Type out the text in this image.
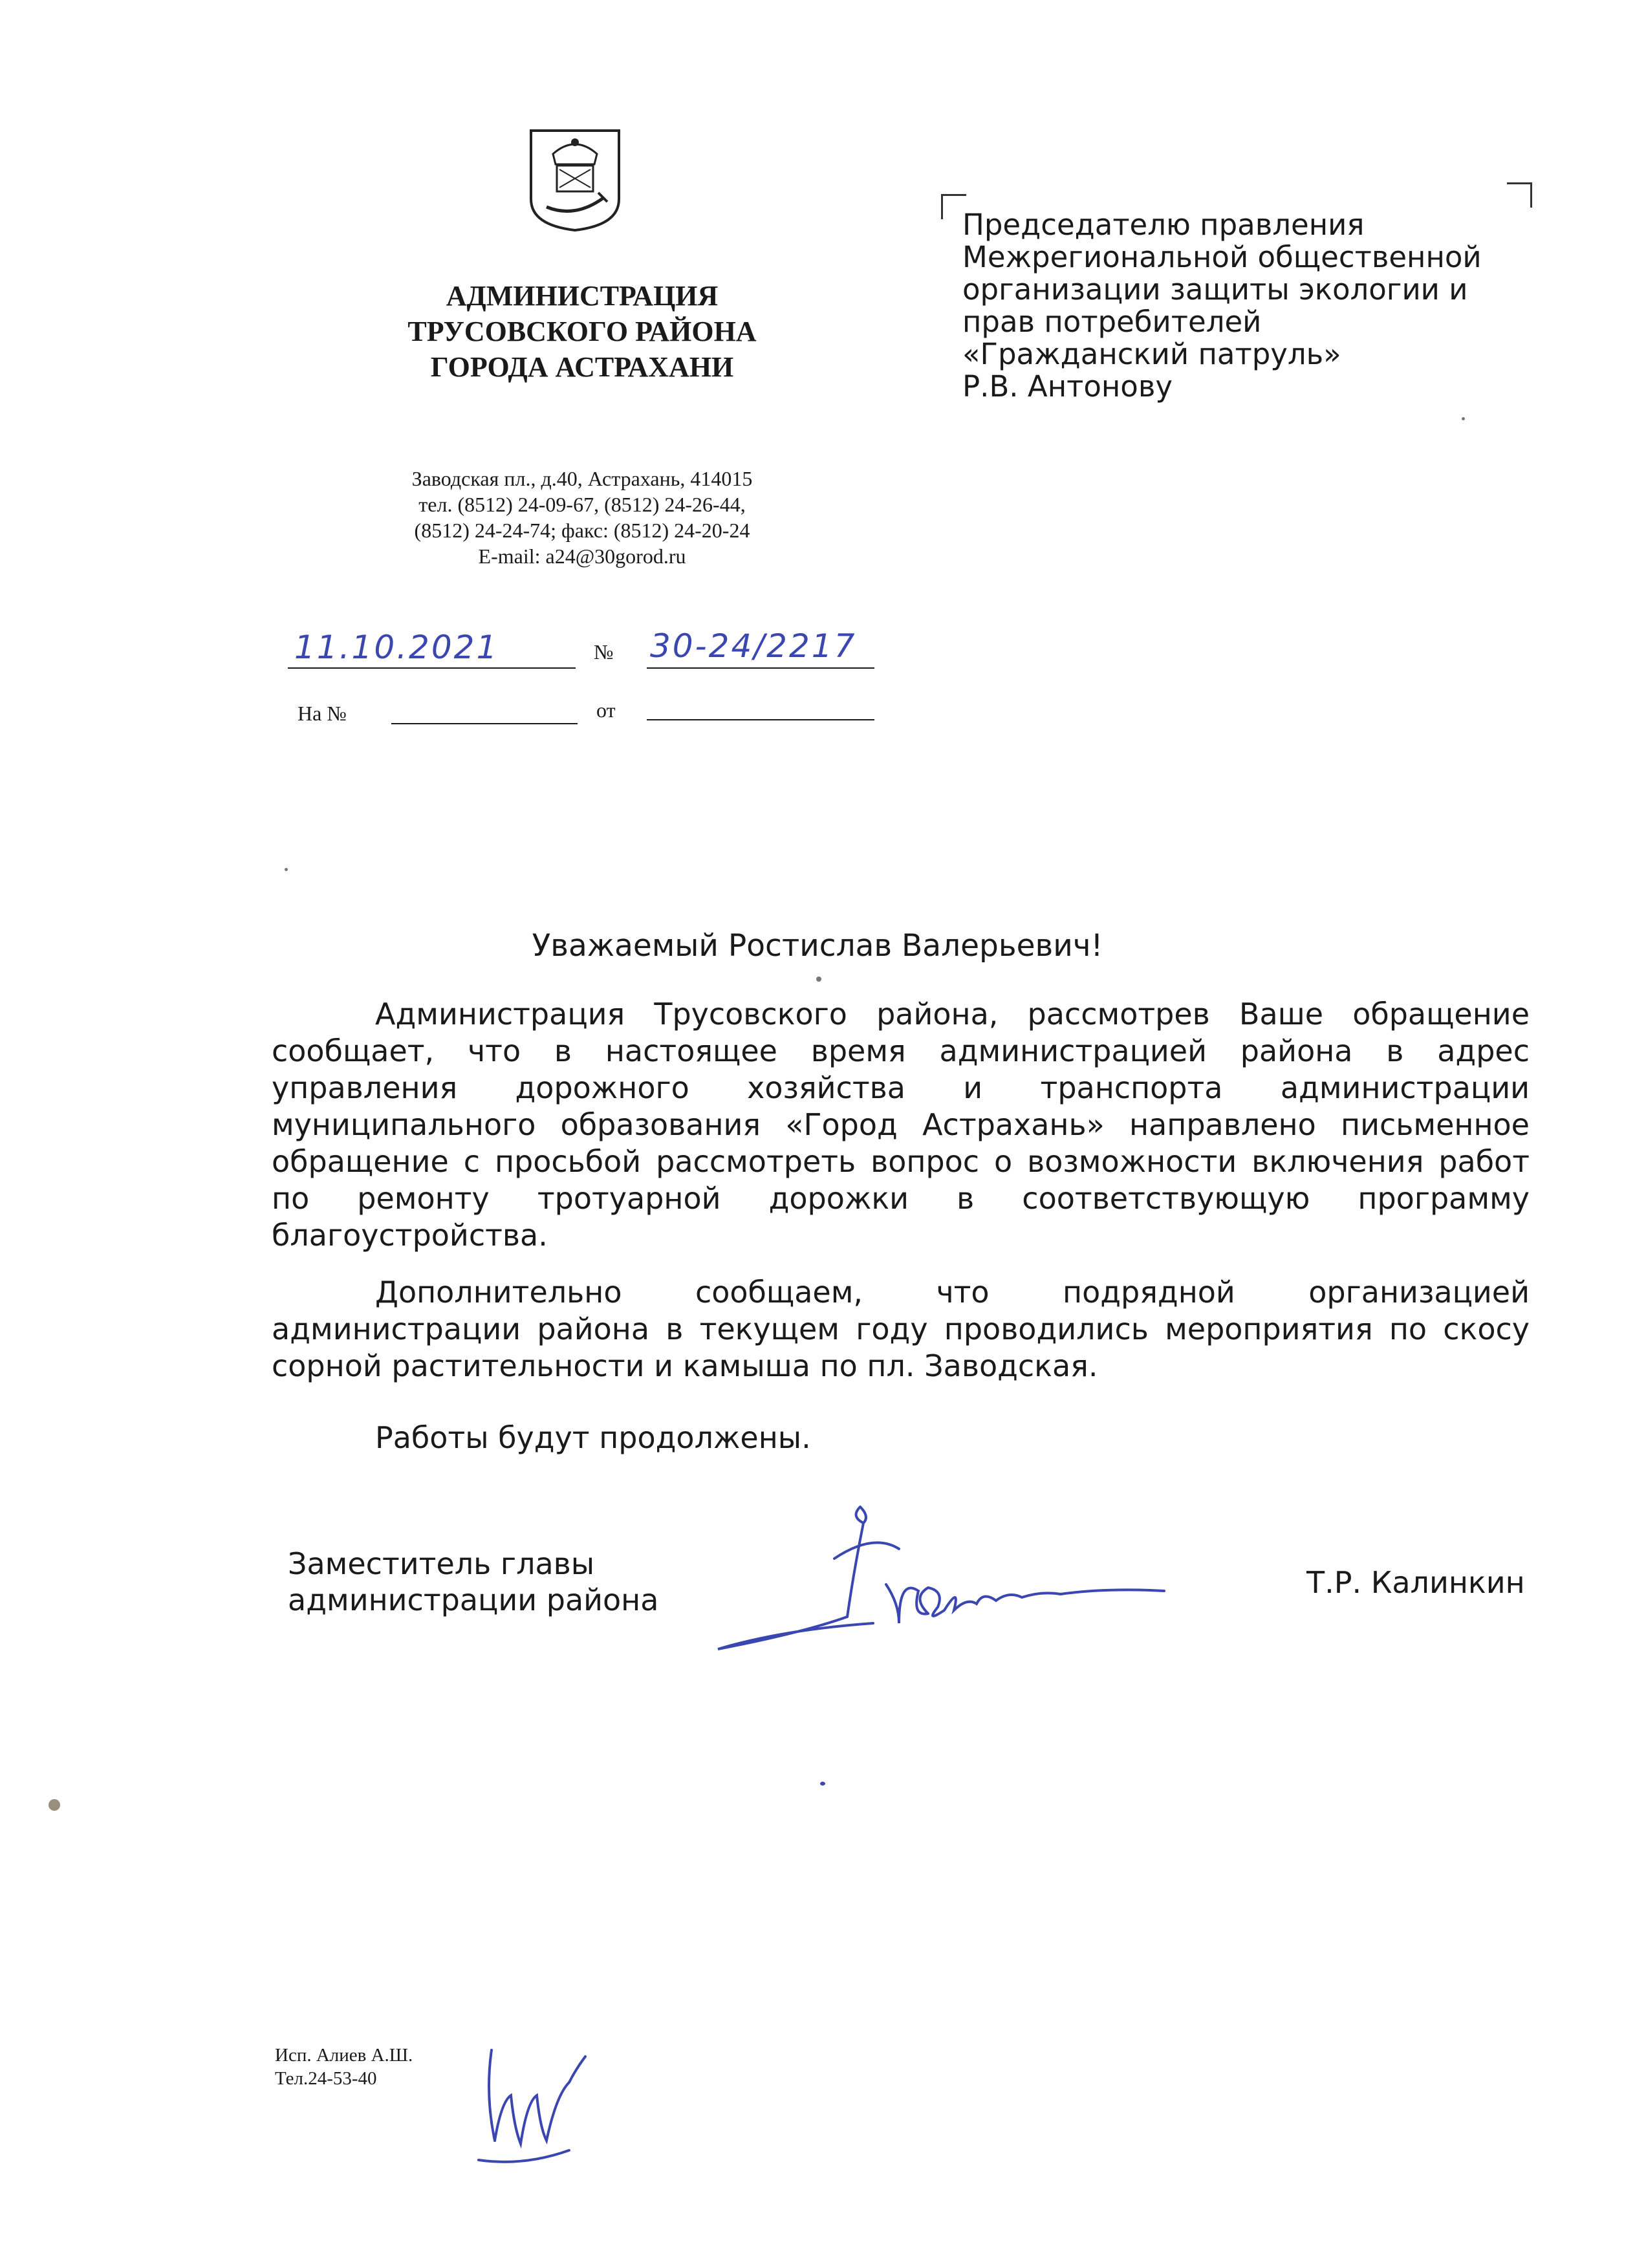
АДМИНИСТРАЦИЯ
ТРУСОВСКОГО РАЙОНА
ГОРОДА АСТРАХАНИ
Заводская пл., д.40, Астрахань, 414015
тел. (8512) 24-09-67, (8512) 24-26-44,
(8512) 24-24-74; факс: (8512) 24-20-24
E-mail: a24@30gorod.ru
11.10.2021	№ 30-24/2217
На №	от
Председателю правления
Межрегиональной общественной
организации защиты экологии и
прав потребителей
«Гражданский патруль»
Р.В. Антонову
Уважаемый Ростислав Валерьевич!
Администрация Трусовского района, рассмотрев Ваше обращение сообщает, что в настоящее время администрацией района в адрес управления дорожного хозяйства и транспорта администрации муниципального образования «Город Астрахань» направлено письменное обращение с просьбой рассмотреть вопрос о возможности включения работ по ремонту тротуарной дорожки в соответствующую программу благоустройства.
Дополнительно сообщаем, что подрядной организацией администрации района в текущем году проводились мероприятия по скосу сорной растительности и камыша по пл. Заводская.
Работы будут продолжены.
Заместитель главы
администрации района	Т.Р. Калинкин
Исп. Алиев А.Ш.
Тел.24-53-40
